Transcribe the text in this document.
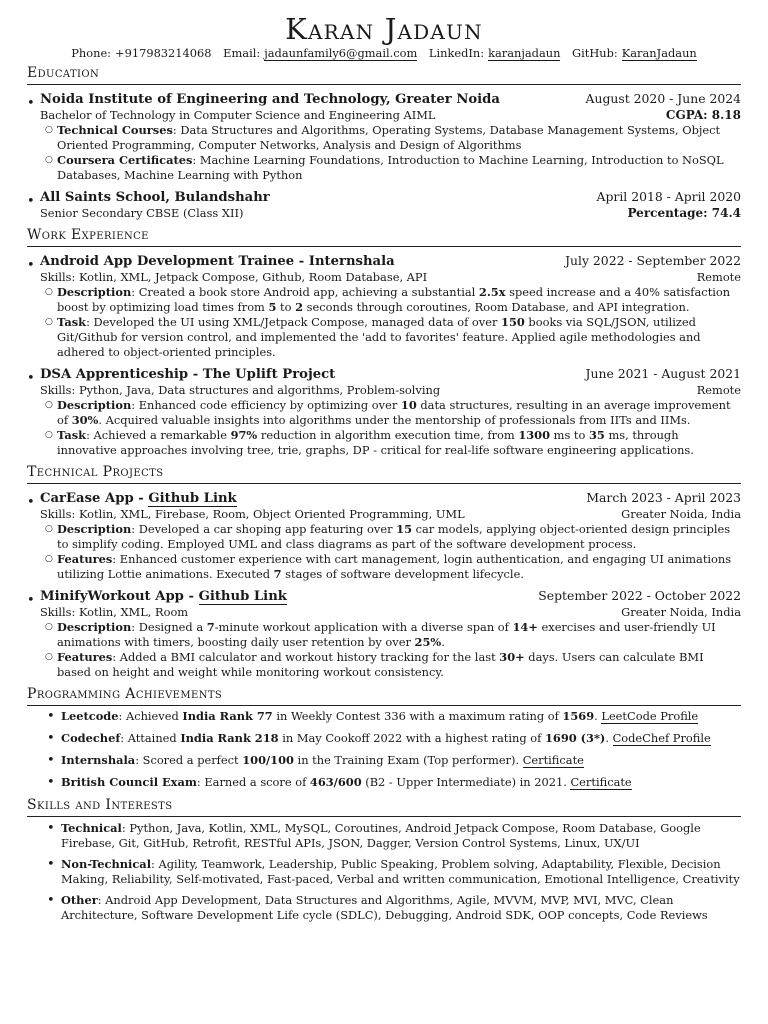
Karan Jadaun
Phone: +917983214068 Email: jadaunfamily6@gmail.com LinkedIn: karanjadaun GitHub: KaranJadaun
Education
• Noida Institute of Engineering and Technology, Greater Noida	August 2020 - June 2024
Bachelor of Technology in Computer Science and Engineering AIML	CGPA: 8.18
○ Technical Courses: Data Structures and Algorithms, Operating Systems, Database Management Systems, Object Oriented Programming, Computer Networks, Analysis and Design of Algorithms
○ Coursera Certificates: Machine Learning Foundations, Introduction to Machine Learning, Introduction to NoSQL Databases, Machine Learning with Python
• All Saints School, Bulandshahr	April 2018 - April 2020
Senior Secondary CBSE (Class XII)	Percentage: 74.4
Work Experience
• Android App Development Trainee - Internshala	July 2022 - September 2022
Skills: Kotlin, XML, Jetpack Compose, Github, Room Database, API	Remote
○ Description: Created a book store Android app, achieving a substantial 2.5x speed increase and a 40% satisfaction boost by optimizing load times from 5 to 2 seconds through coroutines, Room Database, and API integration.
○ Task: Developed the UI using XML/Jetpack Compose, managed data of over 150 books via SQL/JSON, utilized Git/Github for version control, and implemented the 'add to favorites' feature. Applied agile methodologies and adhered to object-oriented principles.
• DSA Apprenticeship - The Uplift Project	June 2021 - August 2021
Skills: Python, Java, Data structures and algorithms, Problem-solving	Remote
○ Description: Enhanced code efficiency by optimizing over 10 data structures, resulting in an average improvement of 30%. Acquired valuable insights into algorithms under the mentorship of professionals from IITs and IIMs.
○ Task: Achieved a remarkable 97% reduction in algorithm execution time, from 1300 ms to 35 ms, through innovative approaches involving tree, trie, graphs, DP - critical for real-life software engineering applications.
Technical Projects
• CarEase App - Github Link	March 2023 - April 2023
Skills: Kotlin, XML, Firebase, Room, Object Oriented Programming, UML	Greater Noida, India
○ Description: Developed a car shoping app featuring over 15 car models, applying object-oriented design principles to simplify coding. Employed UML and class diagrams as part of the software development process.
○ Features: Enhanced customer experience with cart management, login authentication, and engaging UI animations utilizing Lottie animations. Executed 7 stages of software development lifecycle.
• MinifyWorkout App - Github Link	September 2022 - October 2022
Skills: Kotlin, XML, Room	Greater Noida, India
○ Description: Designed a 7-minute workout application with a diverse span of 14+ exercises and user-friendly UI animations with timers, boosting daily user retention by over 25%.
○ Features: Added a BMI calculator and workout history tracking for the last 30+ days. Users can calculate BMI based on height and weight while monitoring workout consistency.
Programming Achievements
• Leetcode: Achieved India Rank 77 in Weekly Contest 336 with a maximum rating of 1569. LeetCode Profile
• Codechef: Attained India Rank 218 in May Cookoff 2022 with a highest rating of 1690 (3*). CodeChef Profile
• Internshala: Scored a perfect 100/100 in the Training Exam (Top performer). Certificate
• British Council Exam: Earned a score of 463/600 (B2 - Upper Intermediate) in 2021. Certificate
Skills and Interests
• Technical: Python, Java, Kotlin, XML, MySQL, Coroutines, Android Jetpack Compose, Room Database, Google Firebase, Git, GitHub, Retrofit, RESTful APIs, JSON, Dagger, Version Control Systems, Linux, UX/UI
• Non-Technical: Agility, Teamwork, Leadership, Public Speaking, Problem solving, Adaptability, Flexible, Decision Making, Reliability, Self-motivated, Fast-paced, Verbal and written communication, Emotional Intelligence, Creativity
• Other: Android App Development, Data Structures and Algorithms, Agile, MVVM, MVP, MVI, MVC, Clean Architecture, Software Development Life cycle (SDLC), Debugging, Android SDK, OOP concepts, Code Reviews
